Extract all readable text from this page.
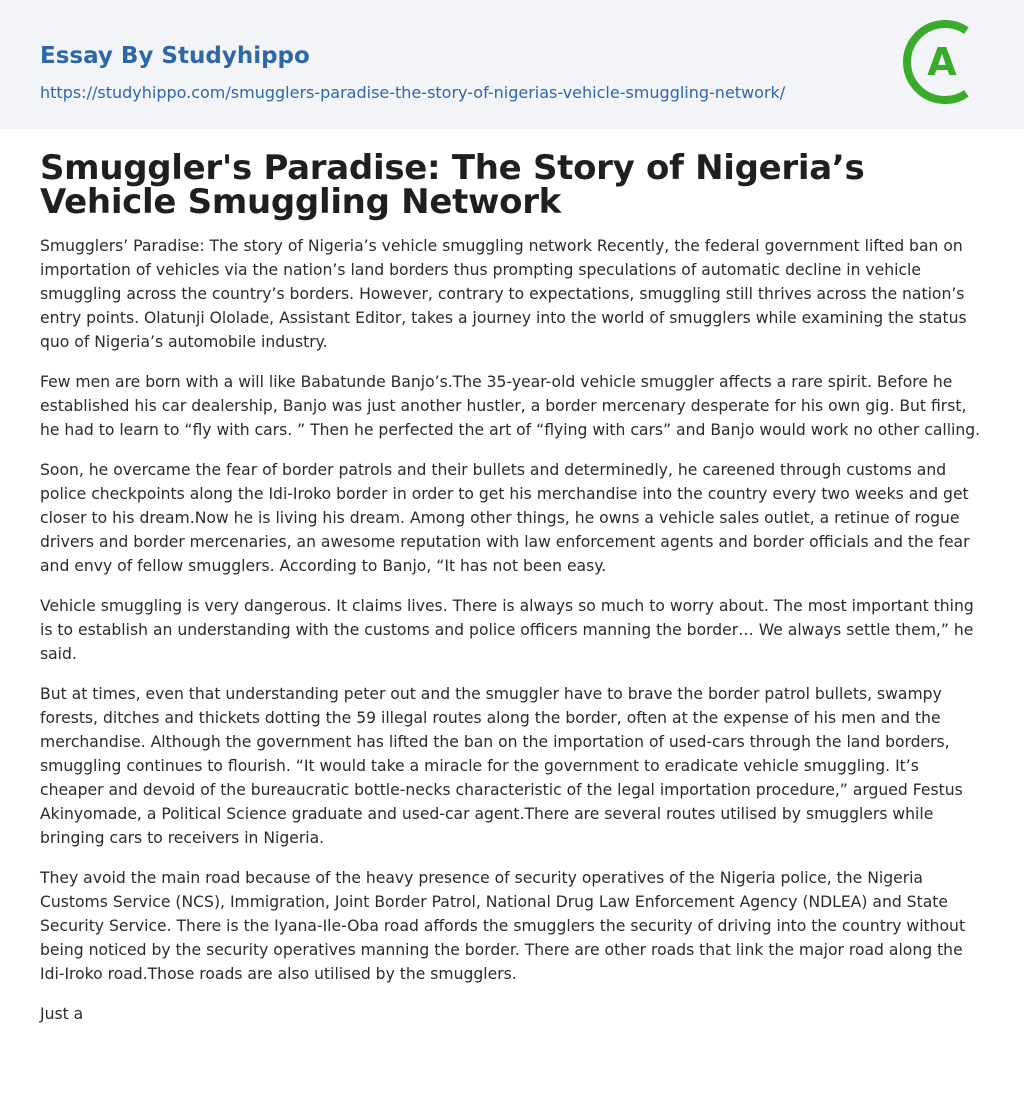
Essay By Studyhippo
https://studyhippo.com/smugglers-paradise-the-story-of-nigerias-vehicle-smuggling-network/
A
Smuggler's Paradise: The Story of Nigeria’s Vehicle Smuggling Network

Smugglers’ Paradise: The story of Nigeria’s vehicle smuggling network Recently, the federal government lifted ban on importation of vehicles via the nation’s land borders thus prompting speculations of automatic decline in vehicle smuggling across the country’s borders. However, contrary to expectations, smuggling still thrives across the nation’s entry points. Olatunji Ololade, Assistant Editor, takes a journey into the world of smugglers while examining the status quo of Nigeria’s automobile industry.

Few men are born with a will like Babatunde Banjo’s.The 35-year-old vehicle smuggler affects a rare spirit. Before he established his car dealership, Banjo was just another hustler, a border mercenary desperate for his own gig. But first, he had to learn to “fly with cars. ” Then he perfected the art of “flying with cars” and Banjo would work no other calling.

Soon, he overcame the fear of border patrols and their bullets and determinedly, he careened through customs and police checkpoints along the Idi-Iroko border in order to get his merchandise into the country every two weeks and get closer to his dream.Now he is living his dream. Among other things, he owns a vehicle sales outlet, a retinue of rogue drivers and border mercenaries, an awesome reputation with law enforcement agents and border officials and the fear and envy of fellow smugglers. According to Banjo, “It has not been easy.

Vehicle smuggling is very dangerous. It claims lives. There is always so much to worry about. The most important thing is to establish an understanding with the customs and police officers manning the border… We always settle them,” he said.

But at times, even that understanding peter out and the smuggler have to brave the border patrol bullets, swampy forests, ditches and thickets dotting the 59 illegal routes along the border, often at the expense of his men and the merchandise. Although the government has lifted the ban on the importation of used-cars through the land borders, smuggling continues to flourish. “It would take a miracle for the government to eradicate vehicle smuggling. It’s cheaper and devoid of the bureaucratic bottle-necks characteristic of the legal importation procedure,” argued Festus Akinyomade, a Political Science graduate and used-car agent.There are several routes utilised by smugglers while bringing cars to receivers in Nigeria.

They avoid the main road because of the heavy presence of security operatives of the Nigeria police, the Nigeria Customs Service (NCS), Immigration, Joint Border Patrol, National Drug Law Enforcement Agency (NDLEA) and State Security Service. There is the Iyana-Ile-Oba road affords the smugglers the security of driving into the country without being noticed by the security operatives manning the border. There are other roads that link the major road along the Idi-Iroko road.Those roads are also utilised by the smugglers.

Just a
